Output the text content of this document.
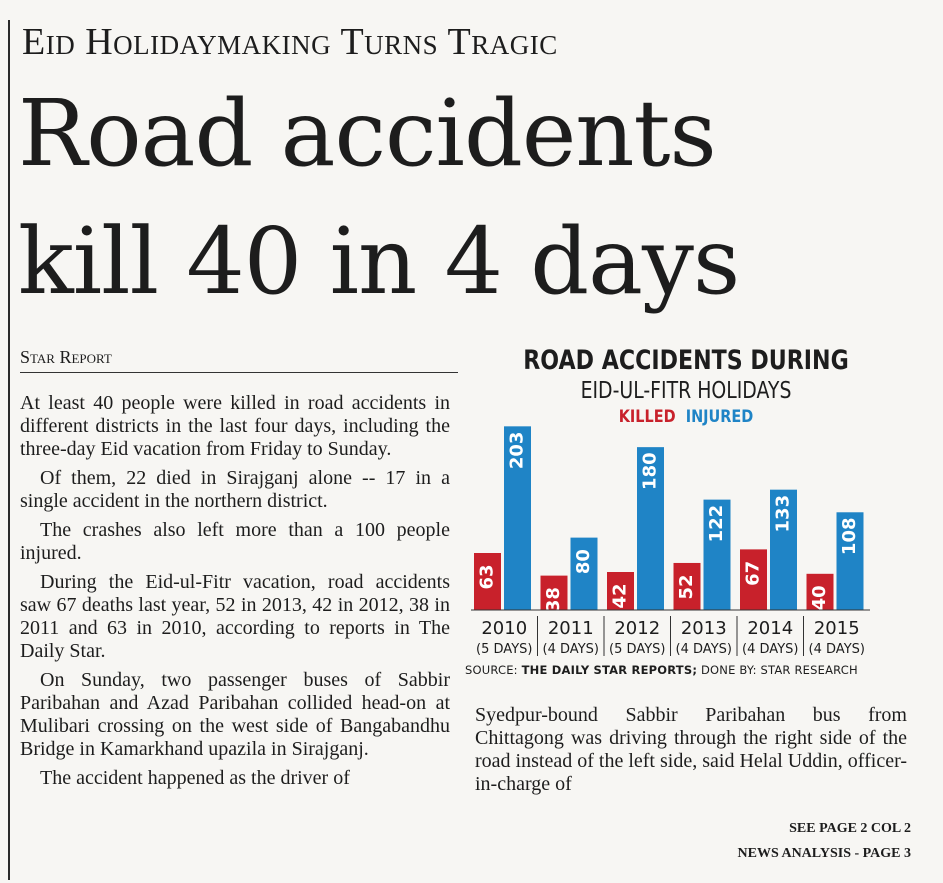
Eid Holidaymaking Turns Tragic
Road accidents
kill 40 in 4 days
Star Report

At least 40 people were killed in road accidents in different districts in the last four days, including the three-day Eid vacation from Friday to Sunday.

Of them, 22 died in Sirajganj alone -- 17 in a single accident in the northern district.

The crashes also left more than a 100 people injured.

During the Eid-ul-Fitr vacation, road accidents saw 67 deaths last year, 52 in 2013, 42 in 2012, 38 in 2011 and 63 in 2010, according to reports in The Daily Star.

On Sunday, two passenger buses of Sabbir Paribahan and Azad Paribahan collided head-on at Mulibari crossing on the west side of Bangabandhu Bridge in Kamarkhand upazila in Sirajganj.

The accident happened as the driver of

ROAD ACCIDENTS DURING
EID-UL-FITR HOLIDAYS
KILLED INJURED
63
203
2010
(5 DAYS)
38
80
2011
(4 DAYS)
42
180
2012
(5 DAYS)
52
122
2013
(4 DAYS)
67
133
2014
(4 DAYS)
40
108
2015
(4 DAYS)
SOURCE: THE DAILY STAR REPORTS; DONE BY: STAR RESEARCH

Syedpur-bound Sabbir Paribahan bus from Chittagong was driving through the right side of the road instead of the left side, said Helal Uddin, officer-in-charge of

SEE PAGE 2 COL 2
NEWS ANALYSIS - PAGE 3
